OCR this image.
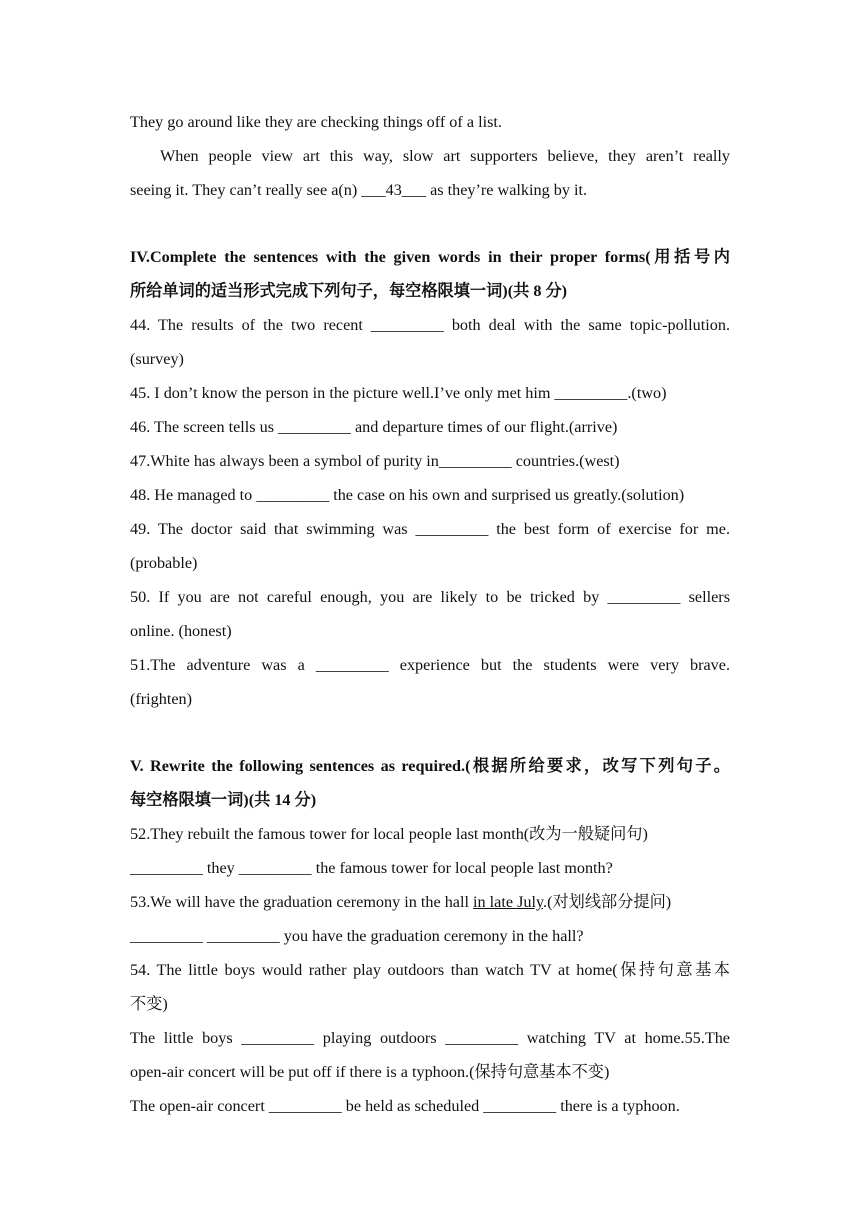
They go around like they are checking things off of a list.
When people view art this way, slow art supporters believe, they aren’t really
seeing it. They can’t really see a(n) ___43___ as they’re walking by it.
IV.Complete the sentences with the given words in their proper forms(用括号内
所给单词的适当形式完成下列句子，每空格限填一词)(共 8 分)
44. The results of the two recent _________ both deal with the same topic-pollution.
(survey)
45. I don’t know the person in the picture well.I’ve only met him _________.(two)
46. The screen tells us _________ and departure times of our flight.(arrive)
47.White has always been a symbol of purity in_________ countries.(west)
48. He managed to _________ the case on his own and surprised us greatly.(solution)
49. The doctor said that swimming was _________ the best form of exercise for me.
(probable)
50. If you are not careful enough, you are likely to be tricked by _________ sellers
online. (honest)
51.The adventure was a _________ experience but the students were very brave.
(frighten)
V. Rewrite the following sentences as required.(根据所给要求，改写下列句子。
每空格限填一词)(共 14 分)
52.They rebuilt the famous tower for local people last month(改为一般疑问句)
_________ they _________ the famous tower for local people last month?
53.We will have the graduation ceremony in the hall in late July.(对划线部分提问)
_________ _________ you have the graduation ceremony in the hall?
54. The little boys would rather play outdoors than watch TV at home(保持句意基本
不变)
The little boys _________ playing outdoors _________ watching TV at home.55.The
open-air concert will be put off if there is a typhoon.(保持句意基本不变)
The open-air concert _________ be held as scheduled _________ there is a typhoon.
